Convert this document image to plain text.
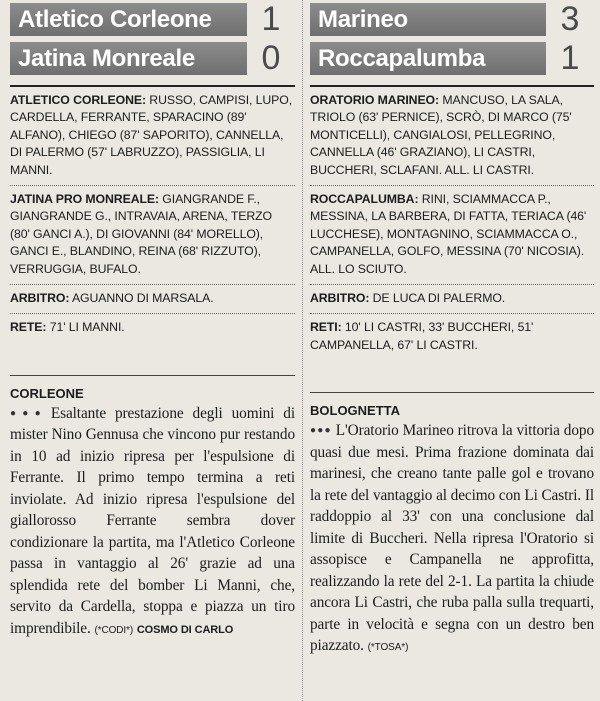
Atletico Corleone	1
Jatina Monreale	0
ATLETICO CORLEONE: RUSSO, CAMPISI, LUPO, CARDELLA, FERRANTE, SPARACINO (89' ALFANO), CHIEGO (87' SAPORITO), CANNELLA, DI PALERMO (57' LABRUZZO), PASSIGLIA, LI MANNI.
JATINA PRO MONREALE: GIANGRANDE F., GIANGRANDE G., INTRAVAIA, ARENA, TERZO (80' GANCI A.), DI GIOVANNI (84' MORELLO), GANCI E., BLANDINO, REINA (68' RIZZUTO), VERRUGGIA, BUFALO.
ARBITRO: AGUANNO DI MARSALA.
RETE: 71' LI MANNI.
CORLEONE
●●● Esaltante prestazione degli uomini di mister Nino Gennusa che vincono pur restando in 10 ad inizio ripresa per l'espulsione di Ferrante. Il primo tempo termina a reti inviolate. Ad inizio ripresa l'espulsione del giallorosso Ferrante sembra dover condizionare la partita, ma l'Atletico Corleone passa in vantaggio al 26' grazie ad una splendida rete del bomber Li Manni, che, servito da Cardella, stoppa e piazza un tiro imprendibile. (*CODI*) COSMO DI CARLO
Marineo	3
Roccapalumba	1
ORATORIO MARINEO: MANCUSO, LA SALA, TRIOLO (63' PERNICE), SCRÒ, DI MARCO (75' MONTICELLI), CANGIALOSI, PELLEGRINO, CANNELLA (46' GRAZIANO), LI CASTRI, BUCCHERI, SCLAFANI. ALL. LI CASTRI.
ROCCAPALUMBA: RINI, SCIAMMACCA P., MESSINA, LA BARBERA, DI FATTA, TERIACA (46' LUCCHESE), MONTAGNINO, SCIAMMACCA O., CAMPANELLA, GOLFO, MESSINA (70' NICOSIA). ALL. LO SCIUTO.
ARBITRO: DE LUCA DI PALERMO.
RETI: 10' LI CASTRI, 33' BUCCHERI, 51' CAMPANELLA, 67' LI CASTRI.
BOLOGNETTA
●●● L'Oratorio Marineo ritrova la vittoria dopo quasi due mesi. Prima frazione dominata dai marinesi, che creano tante palle gol e trovano la rete del vantaggio al decimo con Li Castri. Il raddoppio al 33' con una conclusione dal limite di Buccheri. Nella ripresa l'Oratorio si assopisce e Campanella ne approfitta, realizzando la rete del 2-1. La partita la chiude ancora Li Castri, che ruba palla sulla trequarti, parte in velocità e segna con un destro ben piazzato. (*TOSA*)
